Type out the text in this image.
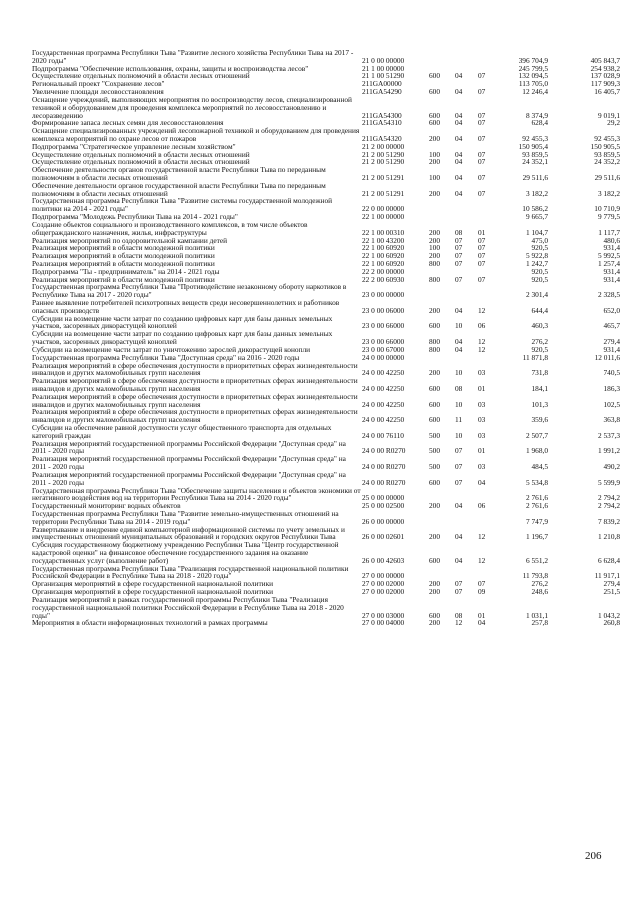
Государственная программа Республики Тыва "Развитие лесного хозяйства Республики Тыва на 2017 - 2020 годы"	21 0 00 00000	396 704,9	405 843,7
Подпрограмма "Обеспечение использования, охраны, защиты и воспроизводства лесов"	21 1 00 00000	245 799,5	254 938,2
Осуществление отдельных полномочий в области лесных отношений	21 1 00 51290	600 04 07	132 094,5	137 028,9
Региональный проект "Сохранение лесов"	211GA00000	113 705,0	117 909,3
Увеличение площади лесовосстановления	211GA54290	600 04 07	12 246,4	16 405,7
Оснащение учреждений, выполняющих мероприятия по воспроизводству лесов, специализированной техникой и оборудованием для проведения комплекса мероприятий по лесовосстановлению и лесоразведению	211GA54300	600 04 07	8 374,9	9 019,1
Формирование запаса лесных семян для лесовосстановления	211GA54310	600 04 07	628,4	29,2
Оснащение специализированных учреждений лесопожарной техникой и оборудованием для проведения комплекса мероприятий по охране лесов от пожаров	211GA54320	200 04 07	92 455,3	92 455,3
Подпрограмма "Стратегическое управление лесным хозяйством"	21 2 00 00000	150 905,4	150 905,5
Осуществление отдельных полномочий в области лесных отношений	21 2 00 51290	100 04 07	93 859,5	93 859,5
Осуществление отдельных полномочий в области лесных отношений	21 2 00 51290	200 04 07	24 352,1	24 352,2
Обеспечение деятельности органов государственной власти Республики Тыва по переданным полномочиям в области лесных отношений	21 2 00 51291	100 04 07	29 511,6	29 511,6
Обеспечение деятельности органов государственной власти Республики Тыва по переданным полномочиям в области лесных отношений	21 2 00 51291	200 04 07	3 182,2	3 182,2
Государственная программа Республики Тыва "Развитие системы государственной молодежной политики на 2014 - 2021 годы"	22 0 00 00000	10 586,2	10 710,9
Подпрограмма "Молодежь Республики Тыва на 2014 - 2021 годы"	22 1 00 00000	9 665,7	9 779,5
Создание объектов социального и производственного комплексов, в том числе объектов общегражданского назначения, жилья, инфраструктуры	22 1 00 00310	200 08 01	1 104,7	1 117,7
Реализация мероприятий по оздоровительной кампании детей	22 1 00 43200	200 07 07	475,0	480,6
Реализация мероприятий в области молодежной политики	22 1 00 60920	100 07 07	920,5	931,4
Реализация мероприятий в области молодежной политики	22 1 00 60920	200 07 07	5 922,8	5 992,5
Реализация мероприятий в области молодежной политики	22 1 00 60920	800 07 07	1 242,7	1 257,4
Подпрограмма "Ты - предприниматель" на 2014 - 2021 годы	22 2 00 00000	920,5	931,4
Реализация мероприятий в области молодежной политики	22 2 00 60930	800 07 07	920,5	931,4
Государственная программа Республики Тыва "Противодействие незаконному обороту наркотиков в Республике Тыва на 2017 - 2020 годы"	23 0 00 00000	2 301,4	2 328,5
Раннее выявление потребителей психотропных веществ среди несовершеннолетних и работников опасных производств	23 0 00 06000	200 04 12	644,4	652,0
Субсидии на возмещение части затрат по созданию цифровых карт для базы данных земельных участков, засоренных дикорастущей коноплей	23 0 00 66000	600 10 06	460,3	465,7
Субсидии на возмещение части затрат по созданию цифровых карт для базы данных земельных участков, засоренных дикорастущей коноплей	23 0 00 66000	800 04 12	276,2	279,4
Субсидии на возмещение части затрат по уничтожению зарослей дикорастущей конопли	23 0 00 67000	800 04 12	920,5	931,4
Государственная программа Республики Тыва "Доступная среда" на 2016 - 2020 годы	24 0 00 00000	11 871,8	12 011,6
Реализация мероприятий в сфере обеспечения доступности в приоритетных сферах жизнедеятельности инвалидов и других маломобильных групп населения	24 0 00 42250	200 10 03	731,8	740,5
Реализация мероприятий в сфере обеспечения доступности в приоритетных сферах жизнедеятельности инвалидов и других маломобильных групп населения	24 0 00 42250	600 08 01	184,1	186,3
Реализация мероприятий в сфере обеспечения доступности в приоритетных сферах жизнедеятельности инвалидов и других маломобильных групп населения	24 0 00 42250	600 10 03	101,3	102,5
Реализация мероприятий в сфере обеспечения доступности в приоритетных сферах жизнедеятельности инвалидов и других маломобильных групп населения	24 0 00 42250	600 11 03	359,6	363,8
Субсидии на обеспечение равной доступности услуг общественного транспорта для отдельных категорий граждан	24 0 00 76110	500 10 03	2 507,7	2 537,3
Реализация мероприятий государственной программы Российской Федерации "Доступная среда" на 2011 - 2020 годы	24 0 00 R0270	500 07 01	1 968,0	1 991,2
Реализация мероприятий государственной программы Российской Федерации "Доступная среда" на 2011 - 2020 годы	24 0 00 R0270	500 07 03	484,5	490,2
Реализация мероприятий государственной программы Российской Федерации "Доступная среда" на 2011 - 2020 годы	24 0 00 R0270	600 07 04	5 534,8	5 599,9
Государственная программа Республики Тыва "Обеспечение защиты населения и объектов экономики от негативного воздействия вод на территории Республики Тыва на 2014 - 2020 годы"	25 0 00 00000	2 761,6	2 794,2
Государственный мониторинг водных объектов	25 0 00 02500	200 04 06	2 761,6	2 794,2
Государственная программа Республики Тыва "Развитие земельно-имущественных отношений на территории Республики Тыва на 2014 - 2019 годы"	26 0 00 00000	7 747,9	7 839,2
Развертывание и внедрение единой компьютерной информационной системы по учету земельных и имущественных отношений муниципальных образований и городских округов Республики Тыва	26 0 00 02601	200 04 12	1 196,7	1 210,8
Субсидия государственному бюджетному учреждению Республики Тыва "Центр государственной кадастровой оценки" на финансовое обеспечение государственного задания на оказание государственных услуг (выполнение работ)	26 0 00 42603	600 04 12	6 551,2	6 628,4
Государственная программа Республики Тыва "Реализация государственной национальной политики Российской Федерации в Республике Тыва на 2018 - 2020 годы"	27 0 00 00000	11 793,8	11 917,1
Организация мероприятий в сфере государственной национальной политики	27 0 00 02000	200 07 07	276,2	279,4
Организация мероприятий в сфере государственной национальной политики	27 0 00 02000	200 07 09	248,6	251,5
Реализация мероприятий в рамках государственной программы Республики Тыва "Реализация государственной национальной политики Российской Федерации в Республике Тыва на 2018 - 2020 годы"	27 0 00 03000	600 08 01	1 031,1	1 043,2
Мероприятия в области информационных технологий в рамках программы	27 0 00 04000	200 12 04	257,8	260,8
206
